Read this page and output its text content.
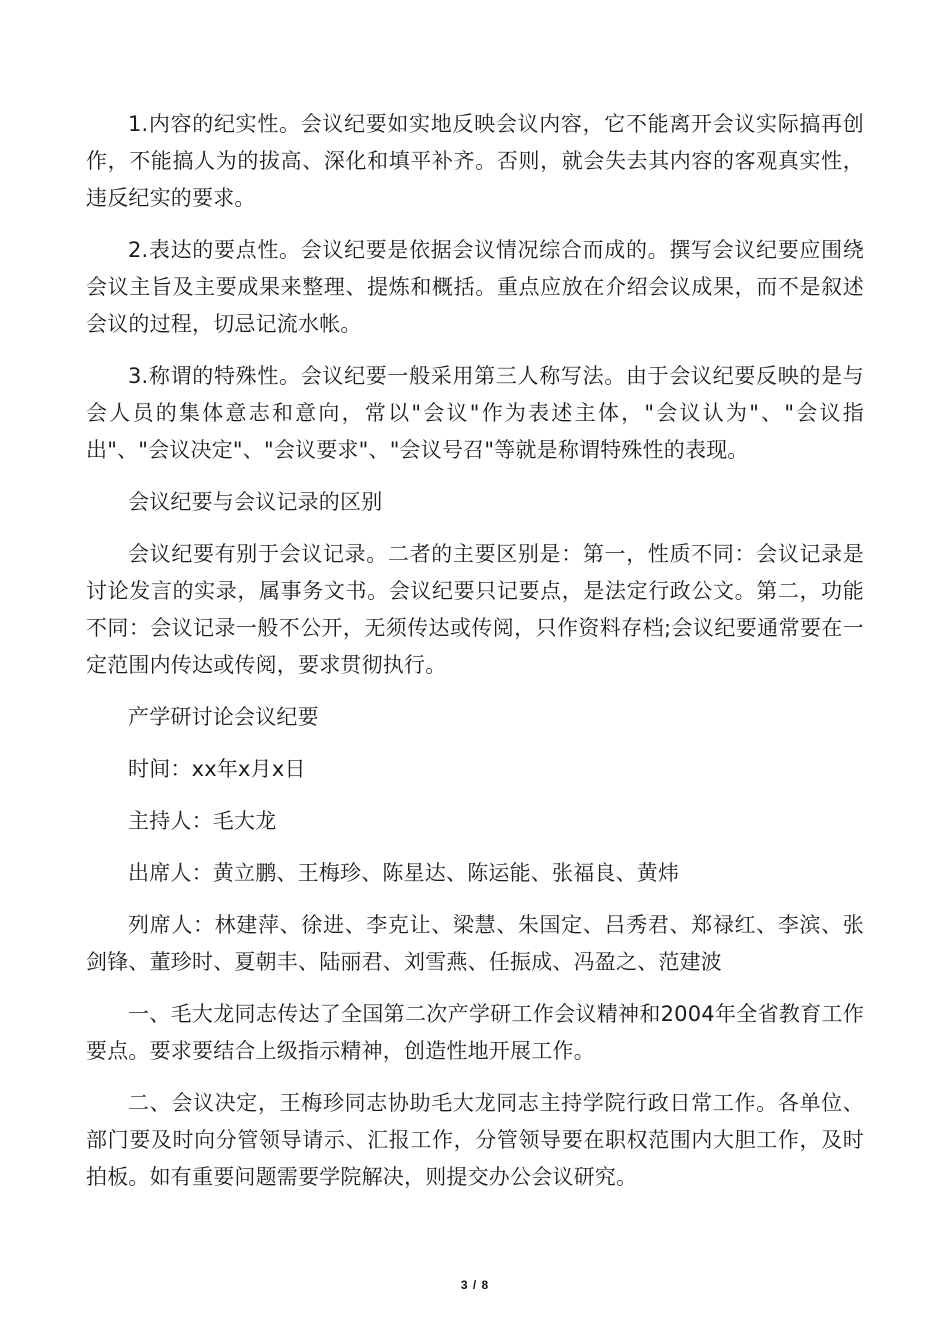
1.内容的纪实性。会议纪要如实地反映会议内容，它不能离开会议实际搞再创作，不能搞人为的拔高、深化和填平补齐。否则，就会失去其内容的客观真实性，违反纪实的要求。

2.表达的要点性。会议纪要是依据会议情况综合而成的。撰写会议纪要应围绕会议主旨及主要成果来整理、提炼和概括。重点应放在介绍会议成果，而不是叙述会议的过程，切忌记流水帐。

3.称谓的特殊性。会议纪要一般采用第三人称写法。由于会议纪要反映的是与会人员的集体意志和意向，常以"会议"作为表述主体，"会议认为"、"会议指出"、"会议决定"、"会议要求"、"会议号召"等就是称谓特殊性的表现。

会议纪要与会议记录的区别

会议纪要有别于会议记录。二者的主要区别是：第一，性质不同：会议记录是讨论发言的实录，属事务文书。会议纪要只记要点，是法定行政公文。第二，功能不同：会议记录一般不公开，无须传达或传阅，只作资料存档;会议纪要通常要在一定范围内传达或传阅，要求贯彻执行。

产学研讨论会议纪要

时间：xx年x月x日

主持人：毛大龙

出席人：黄立鹏、王梅珍、陈星达、陈运能、张福良、黄炜

列席人：林建萍、徐进、李克让、梁慧、朱国定、吕秀君、郑禄红、李滨、张剑锋、董珍时、夏朝丰、陆丽君、刘雪燕、任振成、冯盈之、范建波

一、毛大龙同志传达了全国第二次产学研工作会议精神和2004年全省教育工作要点。要求要结合上级指示精神，创造性地开展工作。

二、会议决定，王梅珍同志协助毛大龙同志主持学院行政日常工作。各单位、部门要及时向分管领导请示、汇报工作，分管领导要在职权范围内大胆工作，及时拍板。如有重要问题需要学院解决，则提交办公会议研究。

3 / 8
